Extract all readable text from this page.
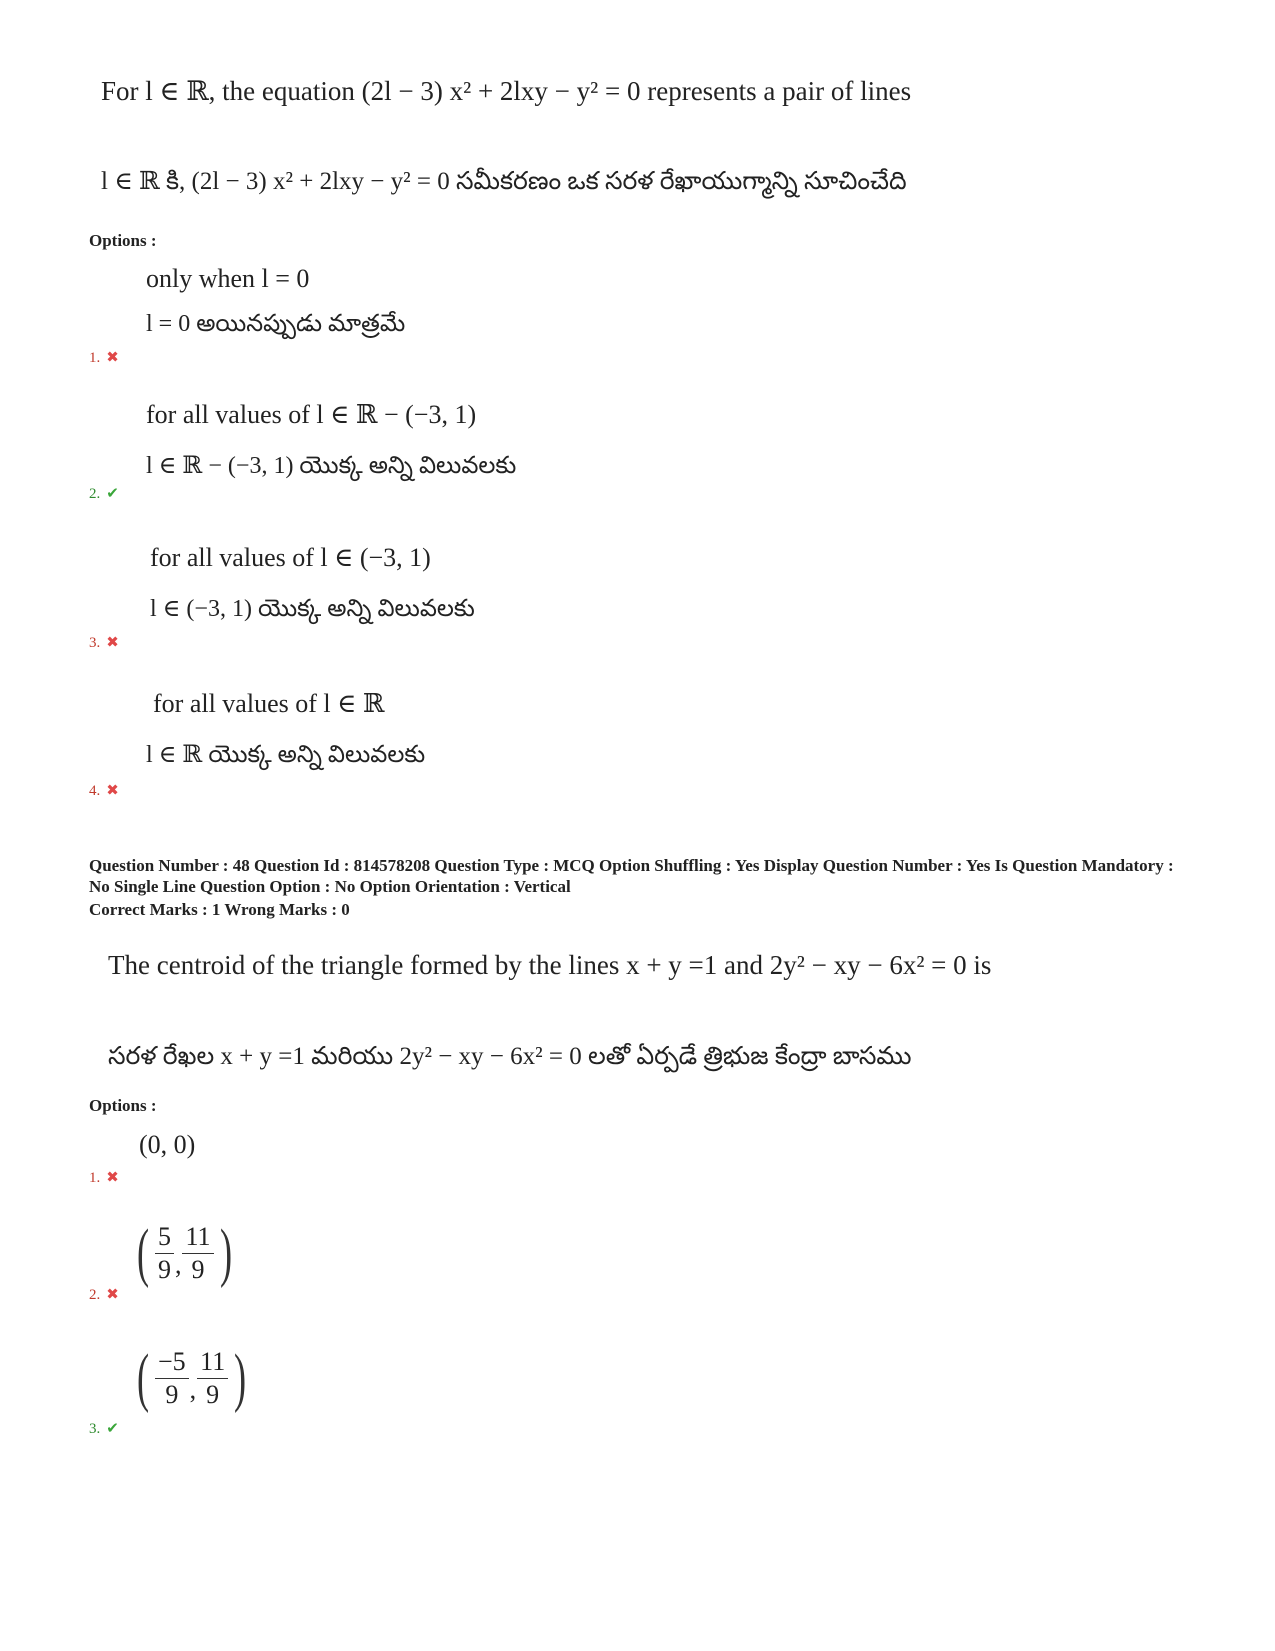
For l ∈ ℝ, the equation (2l − 3) x² + 2lxy − y² = 0 represents a pair of lines
l ∈ ℝ కి, (2l − 3) x² + 2lxy − y² = 0 సమీకరణం ఒక సరళ రేఖాయుగ్మాన్ని సూచించేది
Options :
only when l = 0
l = 0 అయినప్పుడు మాత్రమే
1. ✖
for all values of l ∈ ℝ − (−3, 1)
l ∈ ℝ − (−3, 1) యొక్క అన్ని విలువలకు
2. ✔
for all values of l ∈ (−3, 1)
l ∈ (−3, 1) యొక్క అన్ని విలువలకు
3. ✖
for all values of l ∈ ℝ
l ∈ ℝ యొక్క అన్ని విలువలకు
4. ✖
Question Number : 48 Question Id : 814578208 Question Type : MCQ Option Shuffling : Yes Display Question Number : Yes Is Question Mandatory : No Single Line Question Option : No Option Orientation : Vertical
Correct Marks : 1 Wrong Marks : 0
The centroid of the triangle formed by the lines x + y =1 and 2y² − xy − 6x² = 0 is
సరళ రేఖల x + y =1 మరియు 2y² − xy − 6x² = 0 లతో ఏర్పడే త్రిభుజ కేంద్రా బాసము
Options :
(0, 0)
1. ✖
( $\frac{5}{9}$ , $\frac{11}{9}$ )
2. ✖
( $\frac{-5}{9}$ , $\frac{11}{9}$ )
3. ✔
